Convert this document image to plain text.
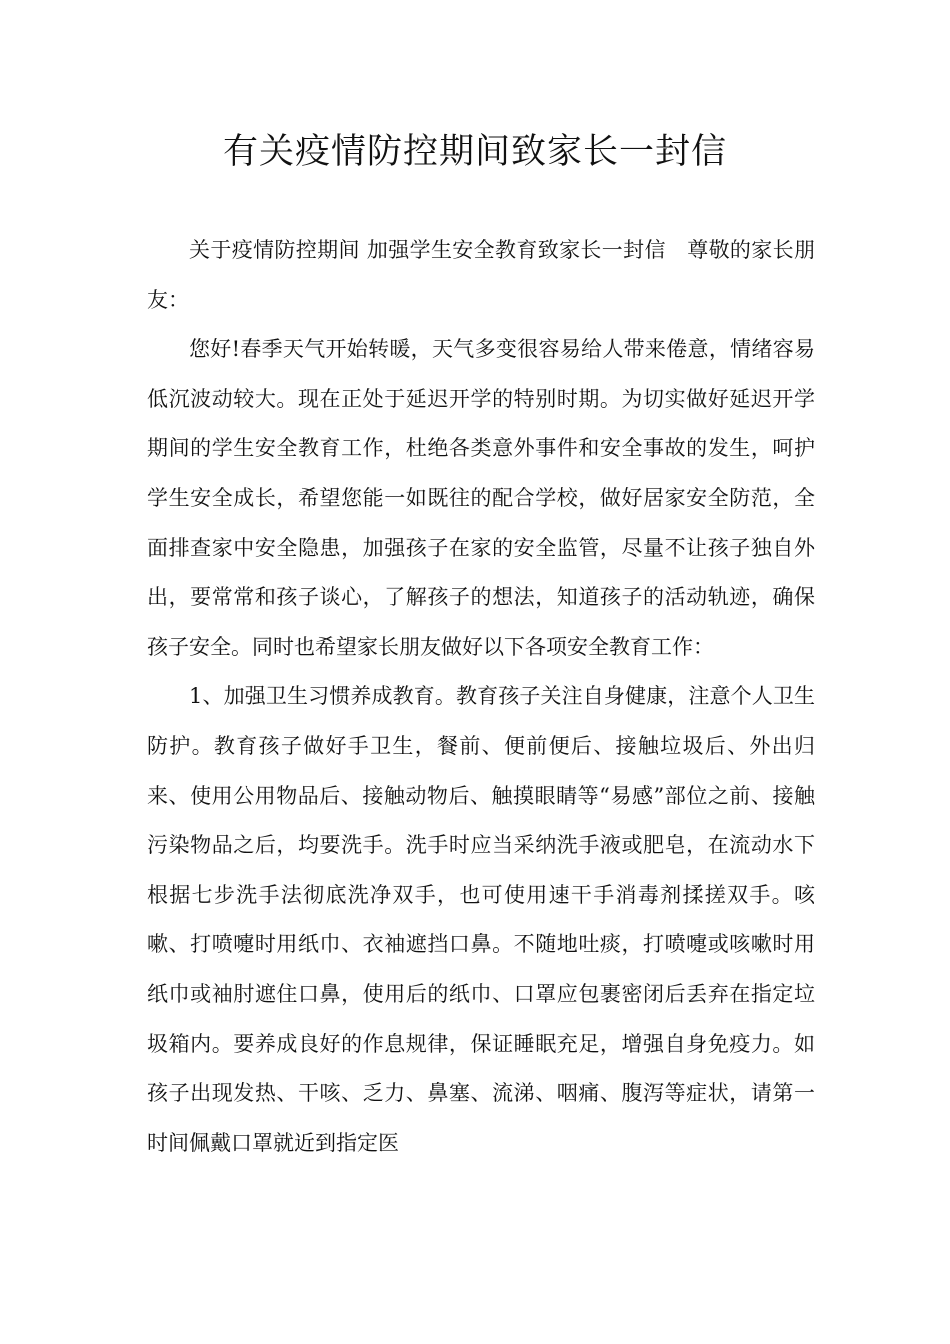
有关疫情防控期间致家长一封信

关于疫情防控期间 加强学生安全教育致家长一封信　尊敬的家长朋友：

您好!春季天气开始转暖，天气多变很容易给人带来倦意，情绪容易低沉波动较大。现在正处于延迟开学的特别时期。为切实做好延迟开学期间的学生安全教育工作，杜绝各类意外事件和安全事故的发生，呵护学生安全成长，希望您能一如既往的配合学校，做好居家安全防范，全面排查家中安全隐患，加强孩子在家的安全监管，尽量不让孩子独自外出，要常常和孩子谈心，了解孩子的想法，知道孩子的活动轨迹，确保孩子安全。同时也希望家长朋友做好以下各项安全教育工作：

1、加强卫生习惯养成教育。教育孩子关注自身健康，注意个人卫生防护。教育孩子做好手卫生，餐前、便前便后、接触垃圾后、外出归来、使用公用物品后、接触动物后、触摸眼睛等“易感”部位之前、接触污染物品之后，均要洗手。洗手时应当采纳洗手液或肥皂，在流动水下根据七步洗手法彻底洗净双手，也可使用速干手消毒剂揉搓双手。咳嗽、打喷嚏时用纸巾、衣袖遮挡口鼻。不随地吐痰，打喷嚏或咳嗽时用纸巾或袖肘遮住口鼻，使用后的纸巾、口罩应包裹密闭后丢弃在指定垃圾箱内。要养成良好的作息规律，保证睡眠充足，增强自身免疫力。如孩子出现发热、干咳、乏力、鼻塞、流涕、咽痛、腹泻等症状，请第一时间佩戴口罩就近到指定医
